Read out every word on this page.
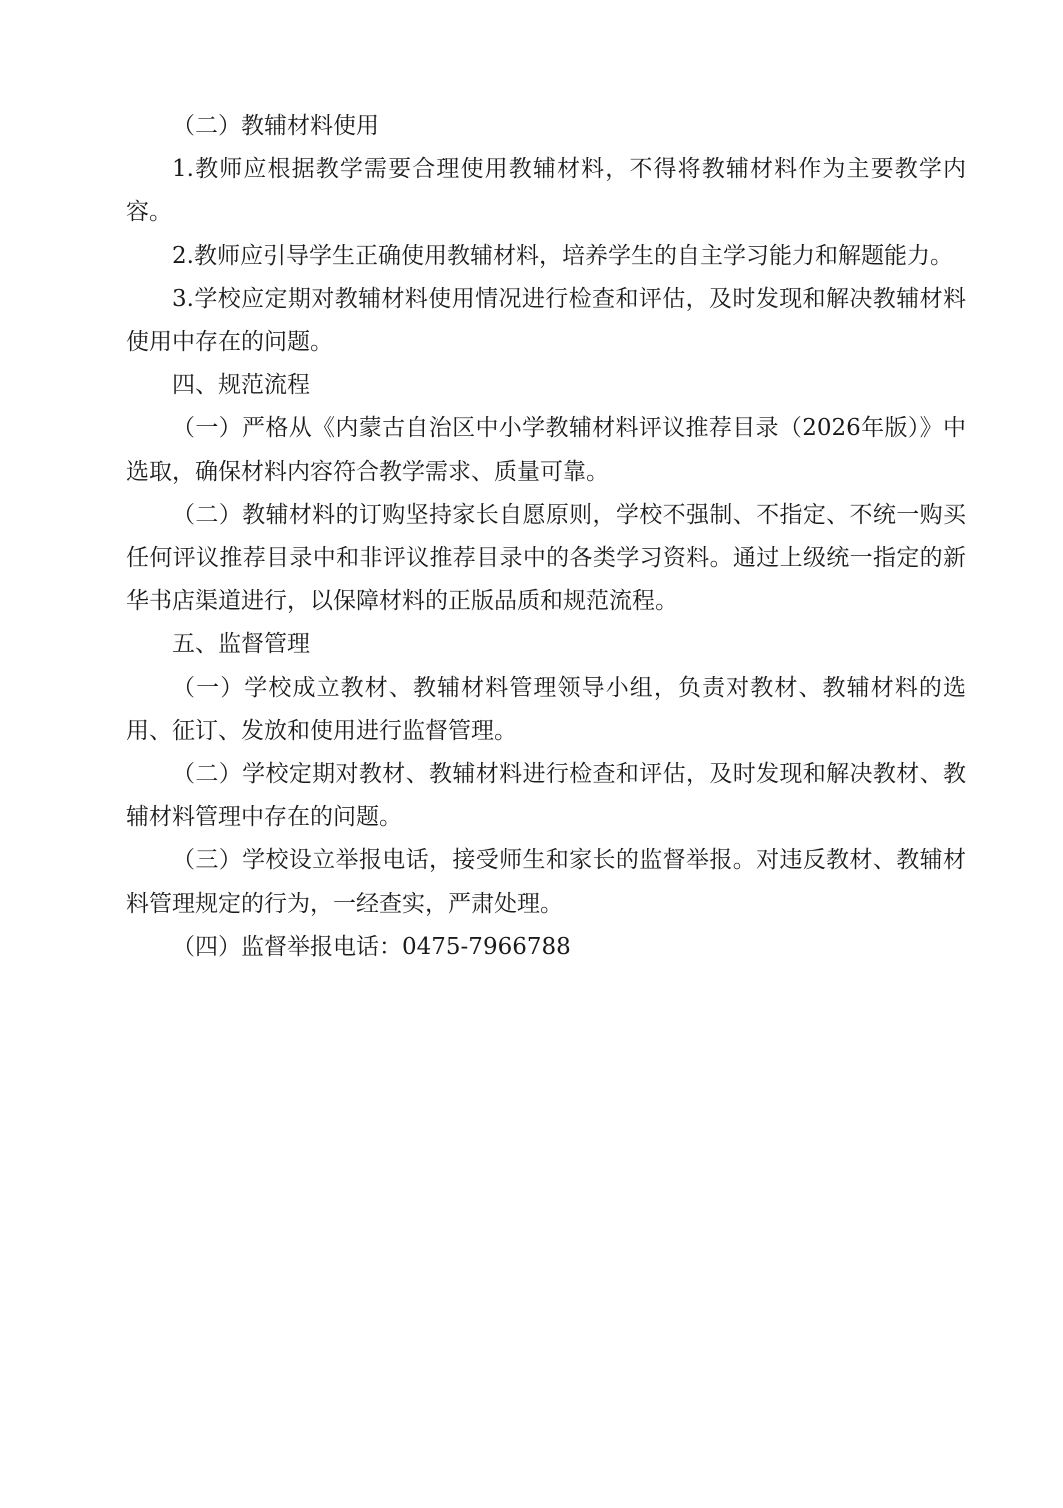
（二）教辅材料使用

1.教师应根据教学需要合理使用教辅材料，不得将教辅材料作为主要教学内容。

2.教师应引导学生正确使用教辅材料，培养学生的自主学习能力和解题能力。

3.学校应定期对教辅材料使用情况进行检查和评估，及时发现和解决教辅材料使用中存在的问题。

四、规范流程

（一）严格从《内蒙古自治区中小学教辅材料评议推荐目录（2026年版）》中选取，确保材料内容符合教学需求、质量可靠。

（二）教辅材料的订购坚持家长自愿原则，学校不强制、不指定、不统一购买任何评议推荐目录中和非评议推荐目录中的各类学习资料。通过上级统一指定的新华书店渠道进行，以保障材料的正版品质和规范流程。

五、监督管理

（一）学校成立教材、教辅材料管理领导小组，负责对教材、教辅材料的选用、征订、发放和使用进行监督管理。

（二）学校定期对教材、教辅材料进行检查和评估，及时发现和解决教材、教辅材料管理中存在的问题。

（三）学校设立举报电话，接受师生和家长的监督举报。对违反教材、教辅材料管理规定的行为，一经查实，严肃处理。

（四）监督举报电话：0475-7966788
